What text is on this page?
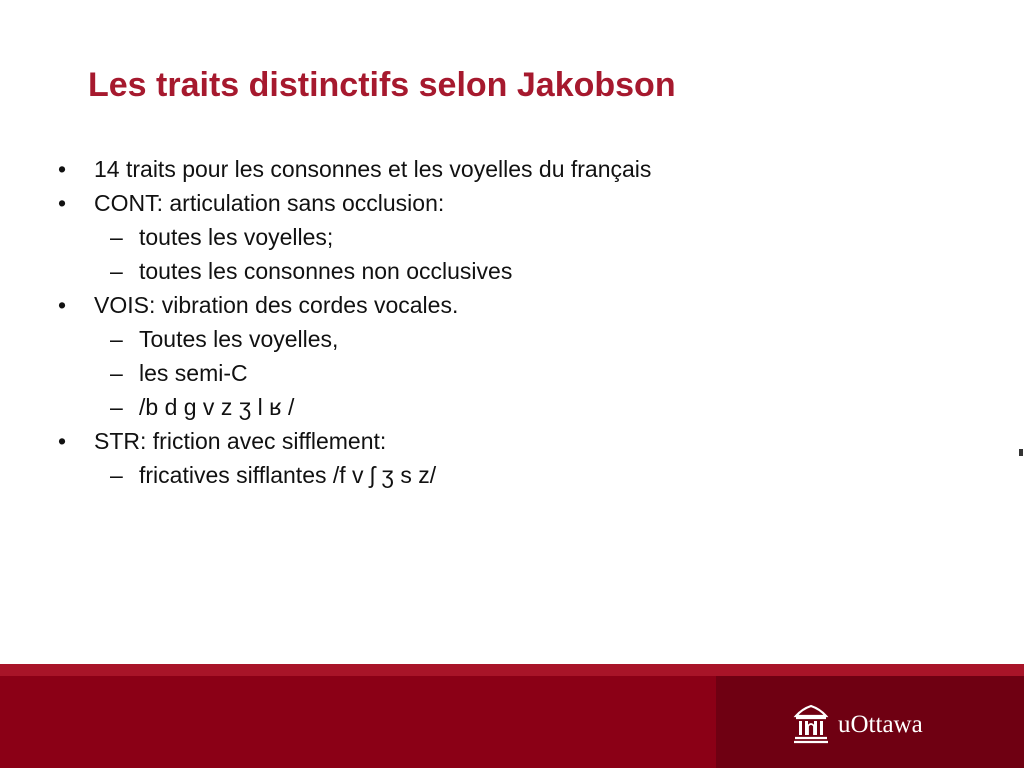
Les traits distinctifs selon Jakobson
• 14 traits pour les consonnes et les voyelles du français
• CONT: articulation sans occlusion:
– toutes les voyelles;
– toutes les consonnes non occlusives
• VOIS: vibration des cordes vocales.
– Toutes les voyelles,
– les semi-C
– /b d g v z ʒ l ʁ /
• STR: friction avec sifflement:
– fricatives sifflantes /f v ʃ ʒ s z/
uOttawa
